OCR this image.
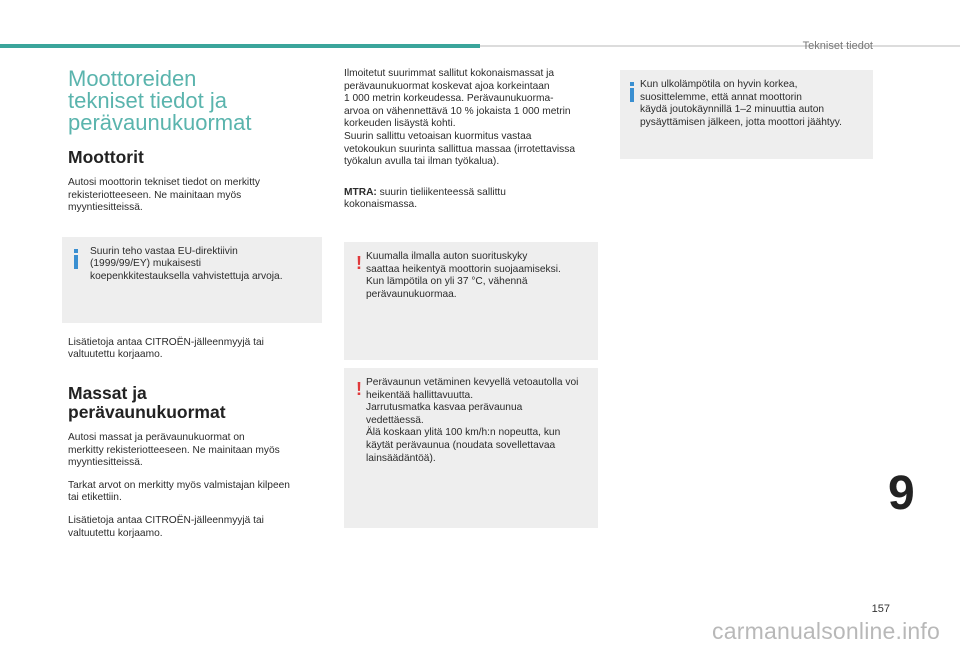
Tekniset tiedot
Moottoreiden
tekniset tiedot ja
perävaunukuormat
Moottorit

Autosi moottorin tekniset tiedot on merkitty
rekisteriotteeseen. Ne mainitaan myös
myyntiesitteissä.

Suurin teho vastaa EU-direktiivin
(1999/99/EY) mukaisesti
koepenkkitestauksella vahvistettuja arvoja.

Lisätietoja antaa CITROËN-jälleenmyyjä tai
valtuutettu korjaamo.

Massat ja
perävaunukuormat

Autosi massat ja perävaunukuormat on
merkitty rekisteriotteeseen. Ne mainitaan myös
myyntiesitteissä.

Tarkat arvot on merkitty myös valmistajan kilpeen
tai etikettiin.

Lisätietoja antaa CITROËN-jälleenmyyjä tai
valtuutettu korjaamo.

Ilmoitetut suurimmat sallitut kokonaismassat ja
perävaunukuormat koskevat ajoa korkeintaan
1 000 metrin korkeudessa. Perävaunukuorma-
arvoa on vähennettävä 10 % jokaista 1 000 metrin
korkeuden lisäystä kohti.
Suurin sallittu vetoaisan kuormitus vastaa
vetokoukun suurinta sallittua massaa (irrotettavissa
työkalun avulla tai ilman työkalua).

MTRA: suurin tieliikenteessä sallittu
kokonaismassa.

! Kuumalla ilmalla auton suorituskyky
saattaa heikentyä moottorin suojaamiseksi.
Kun lämpötila on yli 37 °C, vähennä
perävaunukuormaa.
! Perävaunun vetäminen kevyellä vetoautolla voi
heikentää hallittavuutta.
Jarrutusmatka kasvaa perävaunua
vedettäessä.
Älä koskaan ylitä 100 km/h:n nopeutta, kun
käytät perävaunua (noudata sovellettavaa
lainsäädäntöä).
Kun ulkolämpötila on hyvin korkea,
suosittelemme, että annat moottorin
käydä joutokäynnillä 1–2 minuuttia auton
pysäyttämisen jälkeen, jotta moottori jäähtyy.
9
157
carmanualsonline.info
